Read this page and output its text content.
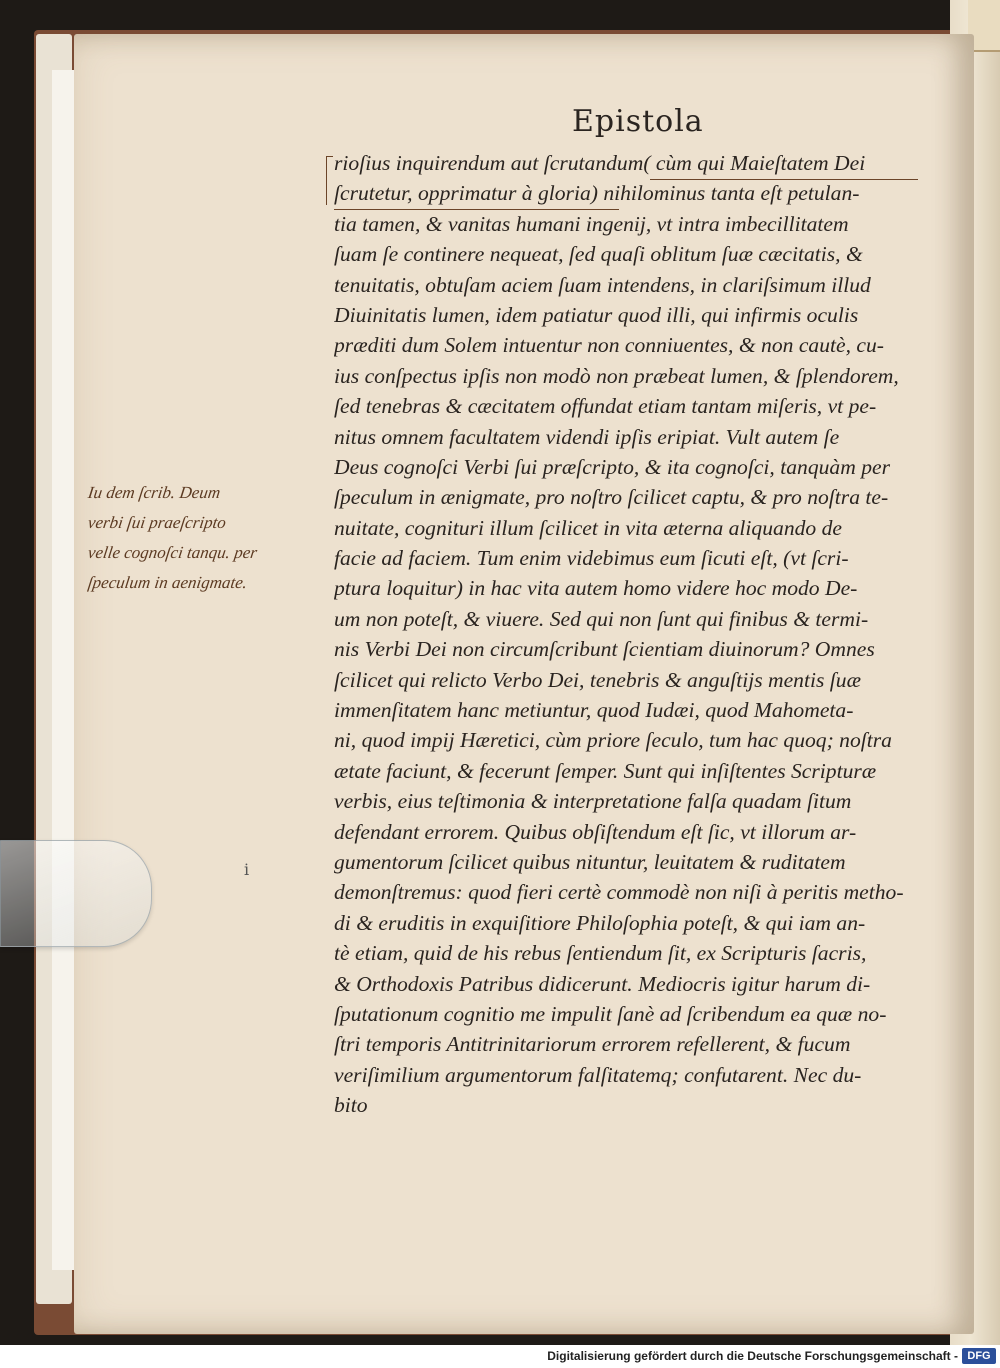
Epistola
rioſius inquirendum aut ſcrutandum( cùm qui Maieſtatem Dei
ſcrutetur, opprimatur à gloria) nihilominus tanta eſt petulan-
tia tamen, & vanitas humani ingenij, vt intra imbecillitatem
ſuam ſe continere nequeat, ſed quaſi oblitum ſuæ cæcitatis, &
tenuitatis, obtuſam aciem ſuam intendens, in clariſsimum illud
Diuinitatis lumen, idem patiatur quod illi, qui infirmis oculis
præditi dum Solem intuentur non conniuentes, & non cautè, cu-
ius conſpectus ipſis non modò non præbeat lumen, & ſplendorem,
ſed tenebras & cæcitatem offundat etiam tantam miſeris, vt pe-
nitus omnem facultatem videndi ipſis eripiat. Vult autem ſe
Deus cognoſci Verbi ſui præſcripto, & ita cognoſci, tanquàm per
ſpeculum in ænigmate, pro noſtro ſcilicet captu, & pro noſtra te-
nuitate, cognituri illum ſcilicet in vita æterna aliquando de
facie ad faciem. Tum enim videbimus eum ſicuti eſt, (vt ſcri-
ptura loquitur) in hac vita autem homo videre hoc modo De-
um non poteſt, & viuere. Sed qui non ſunt qui finibus & termi-
nis Verbi Dei non circumſcribunt ſcientiam diuinorum? Omnes
ſcilicet qui relicto Verbo Dei, tenebris & anguſtijs mentis ſuæ
immenſitatem hanc metiuntur, quod Iudæi, quod Mahometa-
ni, quod impij Hæretici, cùm priore ſeculo, tum hac quoq; noſtra
ætate faciunt, & fecerunt ſemper. Sunt qui inſiſtentes Scripturæ
verbis, eius teſtimonia & interpretatione falſa quadam ſitum
defendant errorem. Quibus obſiſtendum eſt ſic, vt illorum ar-
gumentorum ſcilicet quibus nituntur, leuitatem & ruditatem
demonſtremus: quod fieri certè commodè non niſi à peritis metho-
di & eruditis in exquiſitiore Philoſophia poteſt, & qui iam an-
tè etiam, quid de his rebus ſentiendum ſit, ex Scripturis ſacris,
& Orthodoxis Patribus didicerunt. Mediocris igitur harum di-
ſputationum cognitio me impulit ſanè ad ſcribendum ea quæ no-
ſtri temporis Antitrinitariorum errorem refellerent, & fucum
veriſimilium argumentorum falſitatemq; confutarent. Nec du-
bito
Iu dem ſcrib. Deum
verbi ſui praeſcripto
velle cognoſci tanqu. per
ſpeculum in aenigmate.
i
Digitalisierung gefördert durch die Deutsche Forschungsgemeinschaft - DFG
